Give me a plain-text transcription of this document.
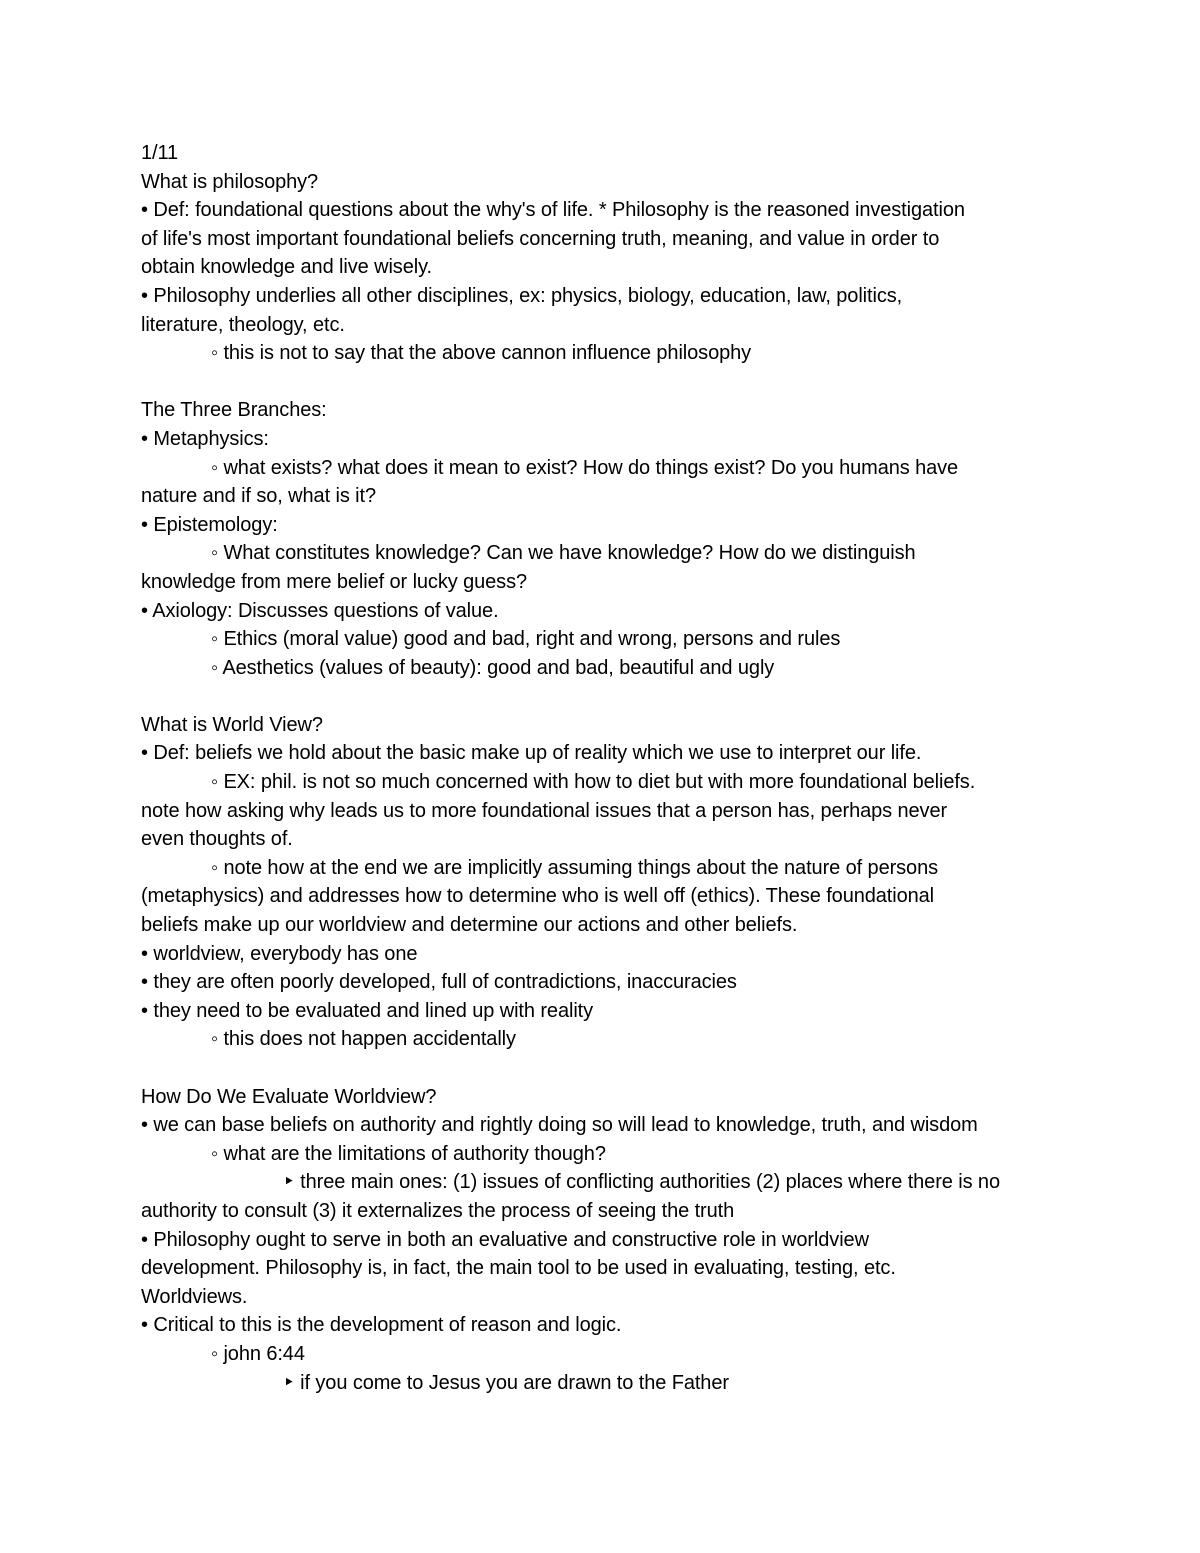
1/11
What is philosophy?
• Def: foundational questions about the why's of life. * Philosophy is the reasoned investigation
of life's most important foundational beliefs concerning truth, meaning, and value in order to
obtain knowledge and live wisely.
• Philosophy underlies all other disciplines, ex: physics, biology, education, law, politics,
literature, theology, etc.
◦ this is not to say that the above cannon influence philosophy
The Three Branches:
• Metaphysics:
◦ what exists? what does it mean to exist? How do things exist? Do you humans have
nature and if so, what is it?
• Epistemology:
◦ What constitutes knowledge? Can we have knowledge? How do we distinguish
knowledge from mere belief or lucky guess?
• Axiology: Discusses questions of value.
◦ Ethics (moral value) good and bad, right and wrong, persons and rules
◦ Aesthetics (values of beauty): good and bad, beautiful and ugly
What is World View?
• Def: beliefs we hold about the basic make up of reality which we use to interpret our life.
◦ EX: phil. is not so much concerned with how to diet but with more foundational beliefs.
note how asking why leads us to more foundational issues that a person has, perhaps never
even thoughts of.
◦ note how at the end we are implicitly assuming things about the nature of persons
(metaphysics) and addresses how to determine who is well off (ethics). These foundational
beliefs make up our worldview and determine our actions and other beliefs.
• worldview, everybody has one
• they are often poorly developed, full of contradictions, inaccuracies
• they need to be evaluated and lined up with reality
◦ this does not happen accidentally
How Do We Evaluate Worldview?
• we can base beliefs on authority and rightly doing so will lead to knowledge, truth, and wisdom
◦ what are the limitations of authority though?
‣ three main ones: (1) issues of conflicting authorities (2) places where there is no
authority to consult (3) it externalizes the process of seeing the truth
• Philosophy ought to serve in both an evaluative and constructive role in worldview
development. Philosophy is, in fact, the main tool to be used in evaluating, testing, etc.
Worldviews.
• Critical to this is the development of reason and logic.
◦ john 6:44
‣ if you come to Jesus you are drawn to the Father
